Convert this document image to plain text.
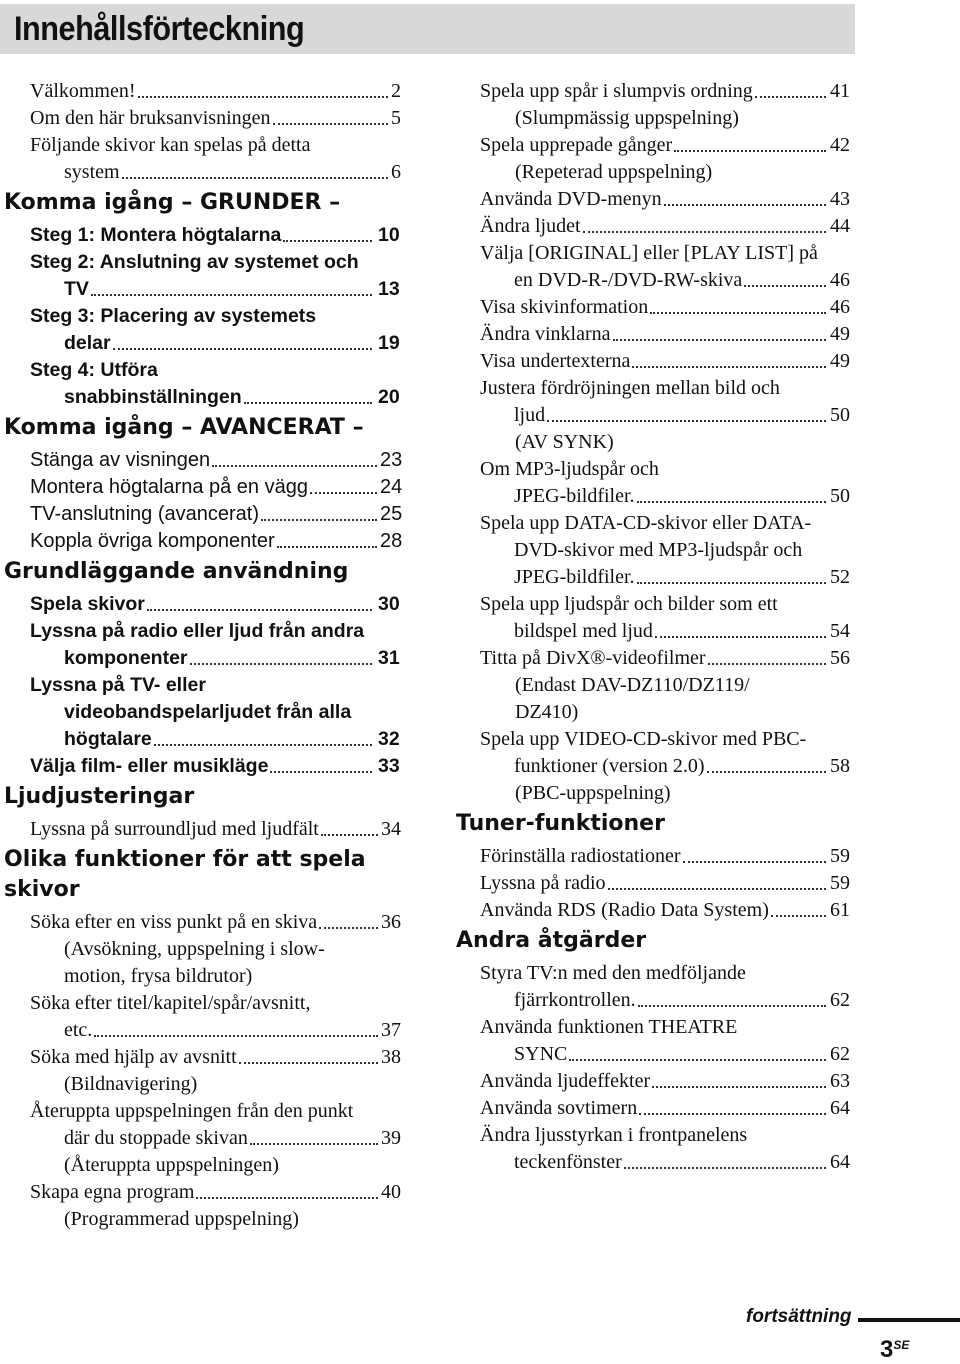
Innehållsförteckning
Välkommen!	2
Om den här bruksanvisningen	5
Följande skivor kan spelas på detta
system	6
Komma igång – GRUNDER –
Steg 1: Montera högtalarna	10
Steg 2: Anslutning av systemet och
TV	13
Steg 3: Placering av systemets
delar	19
Steg 4: Utföra
snabbinställningen	20
Komma igång – AVANCERAT –
Stänga av visningen	23
Montera högtalarna på en vägg	24
TV-anslutning (avancerat)	25
Koppla övriga komponenter	28
Grundläggande användning
Spela skivor	30
Lyssna på radio eller ljud från andra
komponenter	31
Lyssna på TV- eller
videobandspelarljudet från alla
högtalare	32
Välja film- eller musikläge	33
Ljudjusteringar
Lyssna på surroundljud med ljudfält	34
Olika funktioner för att spela skivor
Söka efter en viss punkt på en skiva	36
(Avsökning, uppspelning i slow-
motion, frysa bildrutor)
Söka efter titel/kapitel/spår/avsnitt,
etc.	37
Söka med hjälp av avsnitt	38
(Bildnavigering)
Återuppta uppspelningen från den punkt
där du stoppade skivan	39
(Återuppta uppspelningen)
Skapa egna program	40
(Programmerad uppspelning)
Spela upp spår i slumpvis ordning	41
(Slumpmässig uppspelning)
Spela upprepade gånger	42
(Repeterad uppspelning)
Använda DVD-menyn	43
Ändra ljudet	44
Välja [ORIGINAL] eller [PLAY LIST] på
en DVD-R-/DVD-RW-skiva	46
Visa skivinformation	46
Ändra vinklarna	49
Visa undertexterna	49
Justera fördröjningen mellan bild och
ljud	50
(AV SYNK)
Om MP3-ljudspår och
JPEG-bildfiler.	50
Spela upp DATA-CD-skivor eller DATA-
DVD-skivor med MP3-ljudspår och
JPEG-bildfiler.	52
Spela upp ljudspår och bilder som ett
bildspel med ljud	54
Titta på DivX®-videofilmer	56
(Endast DAV-DZ110/DZ119/
DZ410)
Spela upp VIDEO-CD-skivor med PBC-
funktioner (version 2.0)	58
(PBC-uppspelning)
Tuner-funktioner
Förinställa radiostationer	59
Lyssna på radio	59
Använda RDS (Radio Data System)	61
Andra åtgärder
Styra TV:n med den medföljande
fjärrkontrollen.	62
Använda funktionen THEATRE
SYNC	62
Använda ljudeffekter	63
Använda sovtimern	64
Ändra ljusstyrkan i frontpanelens
teckenfönster	64
fortsättning
$3^{SE}$
